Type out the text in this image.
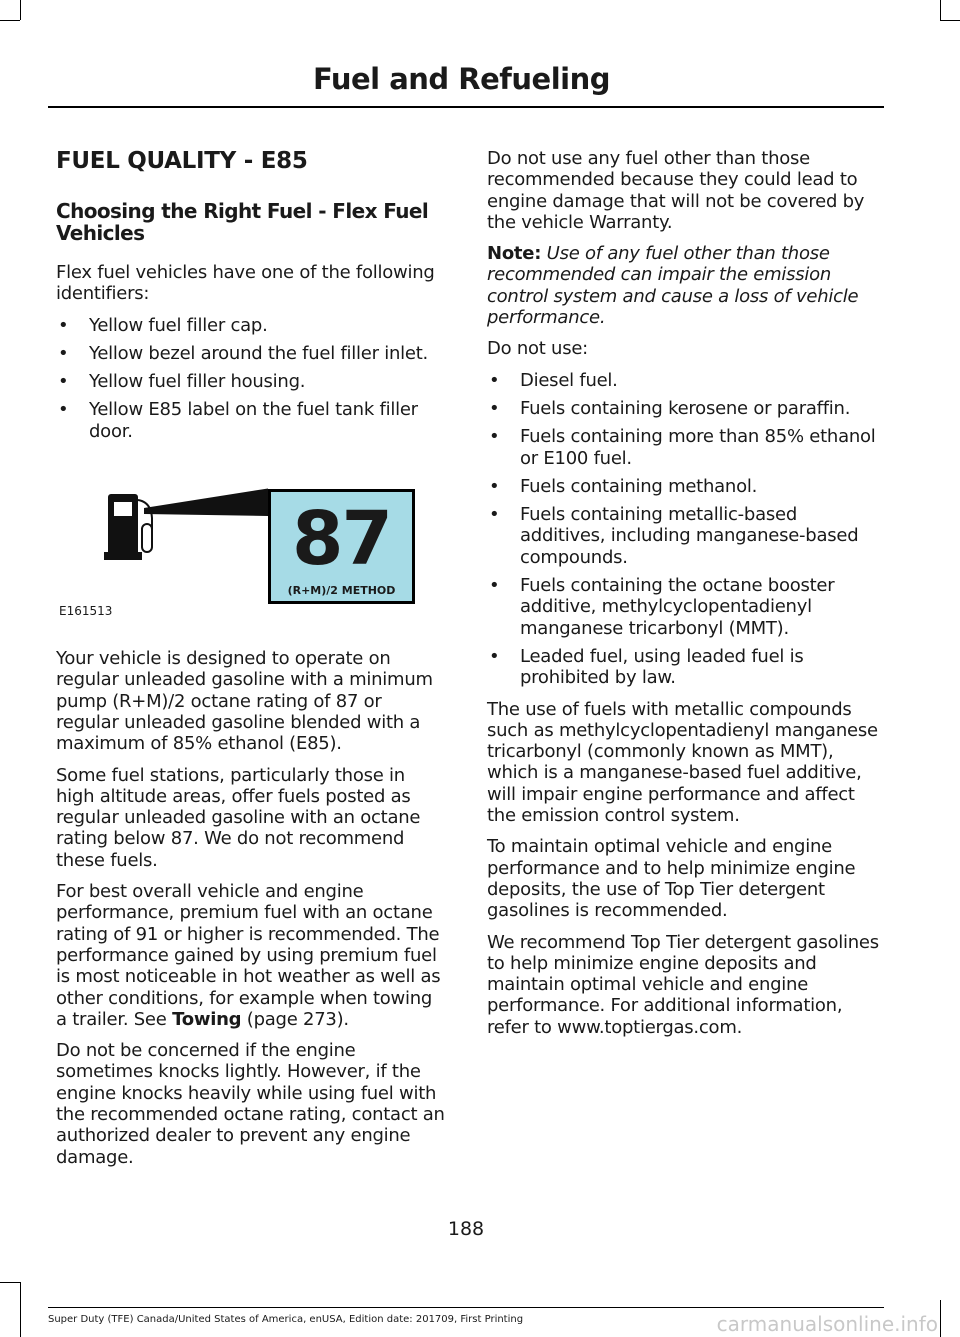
Fuel and Refueling
FUEL QUALITY - E85
Choosing the Right Fuel - Flex Fuel Vehicles

Flex fuel vehicles have one of the following identifiers:

• Yellow fuel filler cap.
• Yellow bezel around the fuel filler inlet.
• Yellow fuel filler housing.
• Yellow E85 label on the fuel tank filler door.
87
(R+M)/2 METHOD
E161513

Your vehicle is designed to operate on regular unleaded gasoline with a minimum pump (R+M)/2 octane rating of 87 or regular unleaded gasoline blended with a maximum of 85% ethanol (E85).

Some fuel stations, particularly those in high altitude areas, offer fuels posted as regular unleaded gasoline with an octane rating below 87. We do not recommend these fuels.

For best overall vehicle and engine performance, premium fuel with an octane rating of 91 or higher is recommended. The performance gained by using premium fuel is most noticeable in hot weather as well as other conditions, for example when towing a trailer. See Towing (page 273).

Do not be concerned if the engine sometimes knocks lightly. However, if the engine knocks heavily while using fuel with the recommended octane rating, contact an authorized dealer to prevent any engine damage.

Do not use any fuel other than those recommended because they could lead to engine damage that will not be covered by the vehicle Warranty.

Note: Use of any fuel other than those recommended can impair the emission control system and cause a loss of vehicle performance.

Do not use:

• Diesel fuel.
• Fuels containing kerosene or paraffin.
• Fuels containing more than 85% ethanol or E100 fuel.
• Fuels containing methanol.
• Fuels containing metallic-based additives, including manganese-based compounds.
• Fuels containing the octane booster additive, methylcyclopentadienyl manganese tricarbonyl (MMT).
• Leaded fuel, using leaded fuel is prohibited by law.

The use of fuels with metallic compounds such as methylcyclopentadienyl manganese tricarbonyl (commonly known as MMT), which is a manganese-based fuel additive, will impair engine performance and affect the emission control system.

To maintain optimal vehicle and engine performance and to help minimize engine deposits, the use of Top Tier detergent gasolines is recommended.

We recommend Top Tier detergent gasolines to help minimize engine deposits and maintain optimal vehicle and engine performance. For additional information, refer to www.toptiergas.com.

188
Super Duty (TFE) Canada/United States of America, enUSA, Edition date: 201709, First Printing	carmanualsonline.info
